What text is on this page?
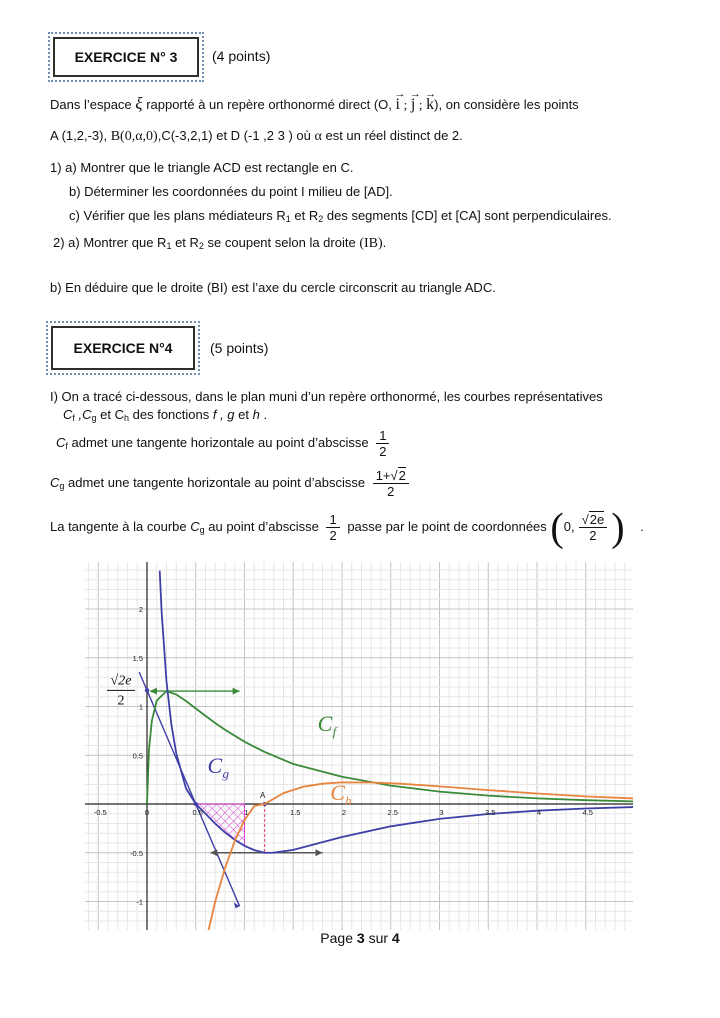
EXERCICE N° 3	(4 points)
Dans l’espace ξ rapporté à un repère orthonormé direct (O, → i ; → j ; → k), on considère les points
A (1,2,-3), B(0,α,0),C(-3,2,1) et D (-1 ,2 3 ) où α est un réel distinct de 2.
1) a) Montrer que le triangle ACD est rectangle en C.
b) Déterminer les coordonnées du point I milieu de [AD].
c) Vérifier que les plans médiateurs $R_1$ et $R_2$ des segments [CD] et [CA] sont perpendiculaires.
2) a) Montrer que $R_1$ et $R_2$ se coupent selon la droite (IB).
b) En déduire que le droite (BI) est l’axe du cercle circonscrit au triangle ADC.
EXERCICE N°4	(5 points)
I) On a tracé ci-dessous, dans le plan muni d’un repère orthonormé, les courbes représentatives
$C_f$ $,C_g$ et $C_h$ des fonctions f , g et h .
$C_f$ admet une tangente horizontale au point d’abscisse $\frac{1}{2}$
$C_g$ admet une tangente horizontale au point d’abscisse $\frac{1+√2}{2}$
La tangente à la courbe $C_g$ au point d’abscisse $\frac{1}{2}$ passe par le point de coordonnées (0, $\frac{√2e}{2}$ ) .
-0.5	0	0.5	1	1.5	2	2.5	3	3.5	4	4.5
-1
-0.5
0.5
1
1.5
2
A
√2e
2
C f
C g
C h
Page 3 sur 4
